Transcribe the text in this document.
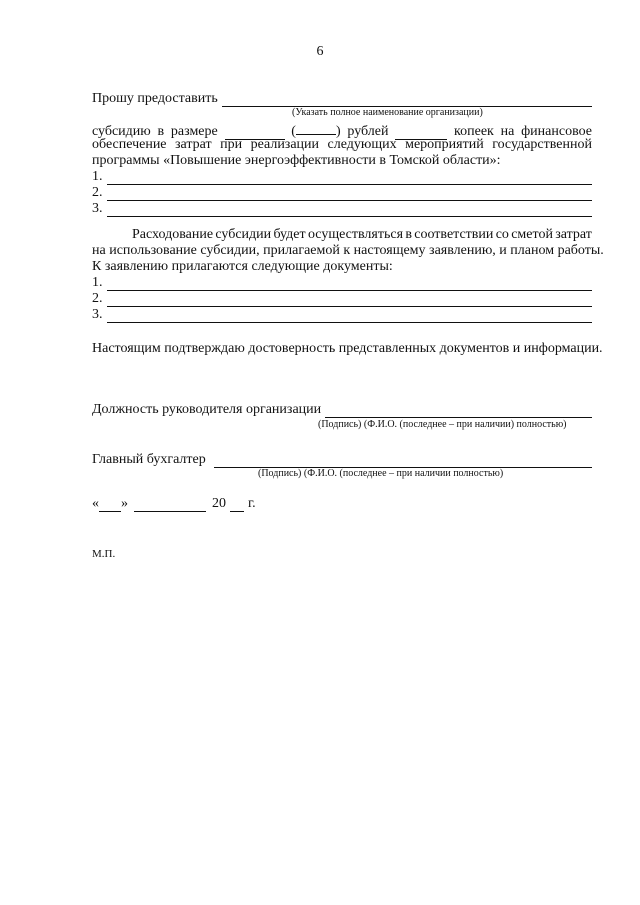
6
Прошу предоставить
(Указать полное наименование организации)
субсидию в размере	(	) рублей	копеек на финансовое
обеспечение затрат при реализации следующих мероприятий государственной
программы «Повышение энергоэффективности в Томской области»:
1.
2.
3.
Расходование субсидии будет осуществляться в соответствии со сметой затрат
на использование субсидии, прилагаемой к настоящему заявлению, и планом работы.
К заявлению прилагаются следующие документы:
1.
2.
3.
Настоящим подтверждаю достоверность представленных документов и информации.
Должность руководителя организации
(Подпись) (Ф.И.О. (последнее – при наличии) полностью)
Главный бухгалтер
(Подпись) (Ф.И.О. (последнее – при наличии полностью)
« »	20 г.
М.П.
